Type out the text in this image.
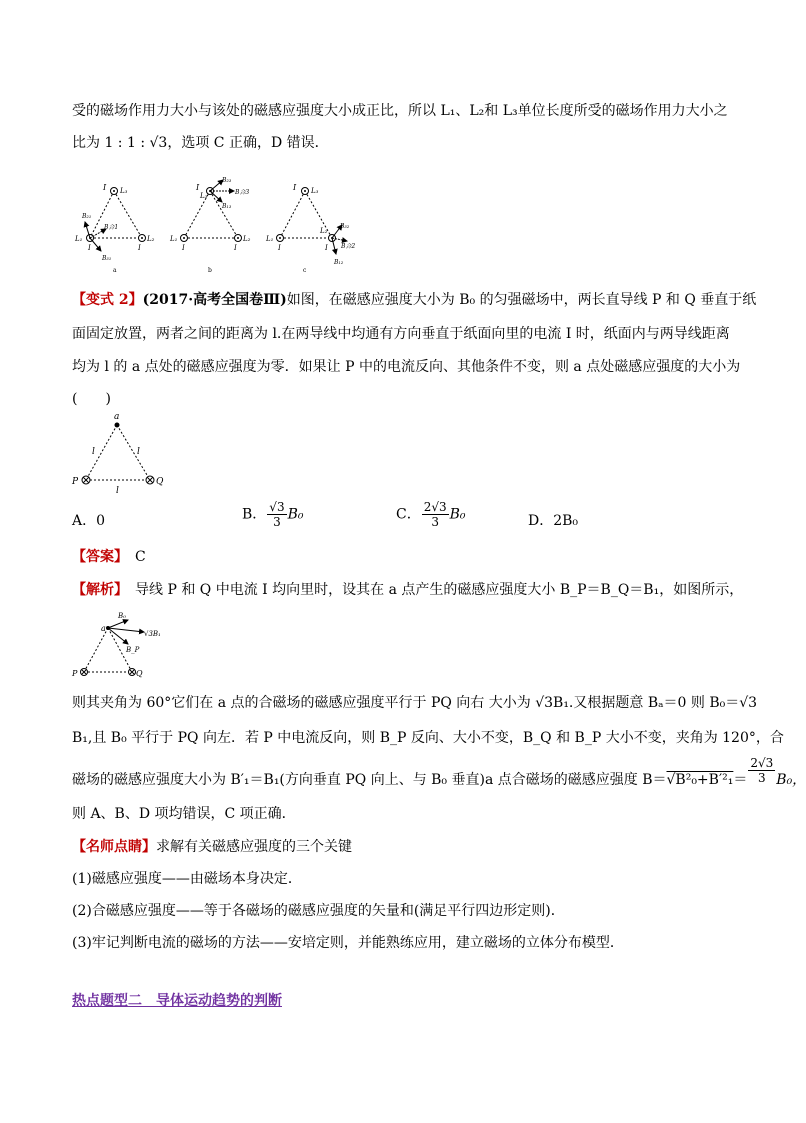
受的磁场作用力大小与该处的磁感应强度大小成正比，所以 L₁、L₂和 L₃单位长度所受的磁场作用力大小之
比为 1 : 1 : √3，选项 C 正确，D 错误．
I L₃
B₂₁
B合1
B₃₁
L₁
I
L₂
I
a
I
L₃
B₂₃
B合3
B₁₃
L₁
I
L₂
I
b
I L₃
B₃₂
B合2
B₁₂
L₁
I
L₂
I
c
【变式 2】(2017·高考全国卷Ⅲ)如图，在磁感应强度大小为 B₀ 的匀强磁场中，两长直导线 P 和 Q 垂直于纸
面固定放置，两者之间的距离为 l.在两导线中均通有方向垂直于纸面向里的电流 I 时，纸面内与两导线距离
均为 l 的 a 点处的磁感应强度为零．如果让 P 中的电流反向、其他条件不变，则 a 点处磁感应强度的大小为
(　　)
a
l	l
l
P	Q
A．0	B． $\frac{√3}{3} B_0$	C． $\frac{2√3}{3} B_0$	D．2B₀
【答案】　 C
【解析】　 导线 P 和 Q 中电流 I 均向里时，设其在 a 点产生的磁感应强度大小 B_P＝B_Q＝B₁，如图所示，
a
B₀
√3B₁
B_P
P	Q
则其夹角为 60°它们在 a 点的合磁场的磁感应强度平行于 PQ 向右 大小为 √3B₁.又根据题意 Bₐ＝0 则 B₀＝√3
B₁,且 B₀ 平行于 PQ 向左．若 P 中电流反向，则 B_P 反向、大小不变，B_Q 和 B_P 大小不变，夹角为 120°，合
磁场的磁感应强度大小为 B′₁＝B₁(方向垂直 PQ 向上、与 B₀ 垂直)a 点合磁场的磁感应强度 $B=√B^2_0+B'^2_1= \frac{2√3}{3} B_0$，
则 A、B、D 项均错误，C 项正确．
【名师点睛】求解有关磁感应强度的三个关键
(1)磁感应强度——由磁场本身决定．
(2)合磁感应强度——等于各磁场的磁感应强度的矢量和(满足平行四边形定则)．
(3)牢记判断电流的磁场的方法——安培定则，并能熟练应用，建立磁场的立体分布模型．
热点题型二　导体运动趋势的判断
